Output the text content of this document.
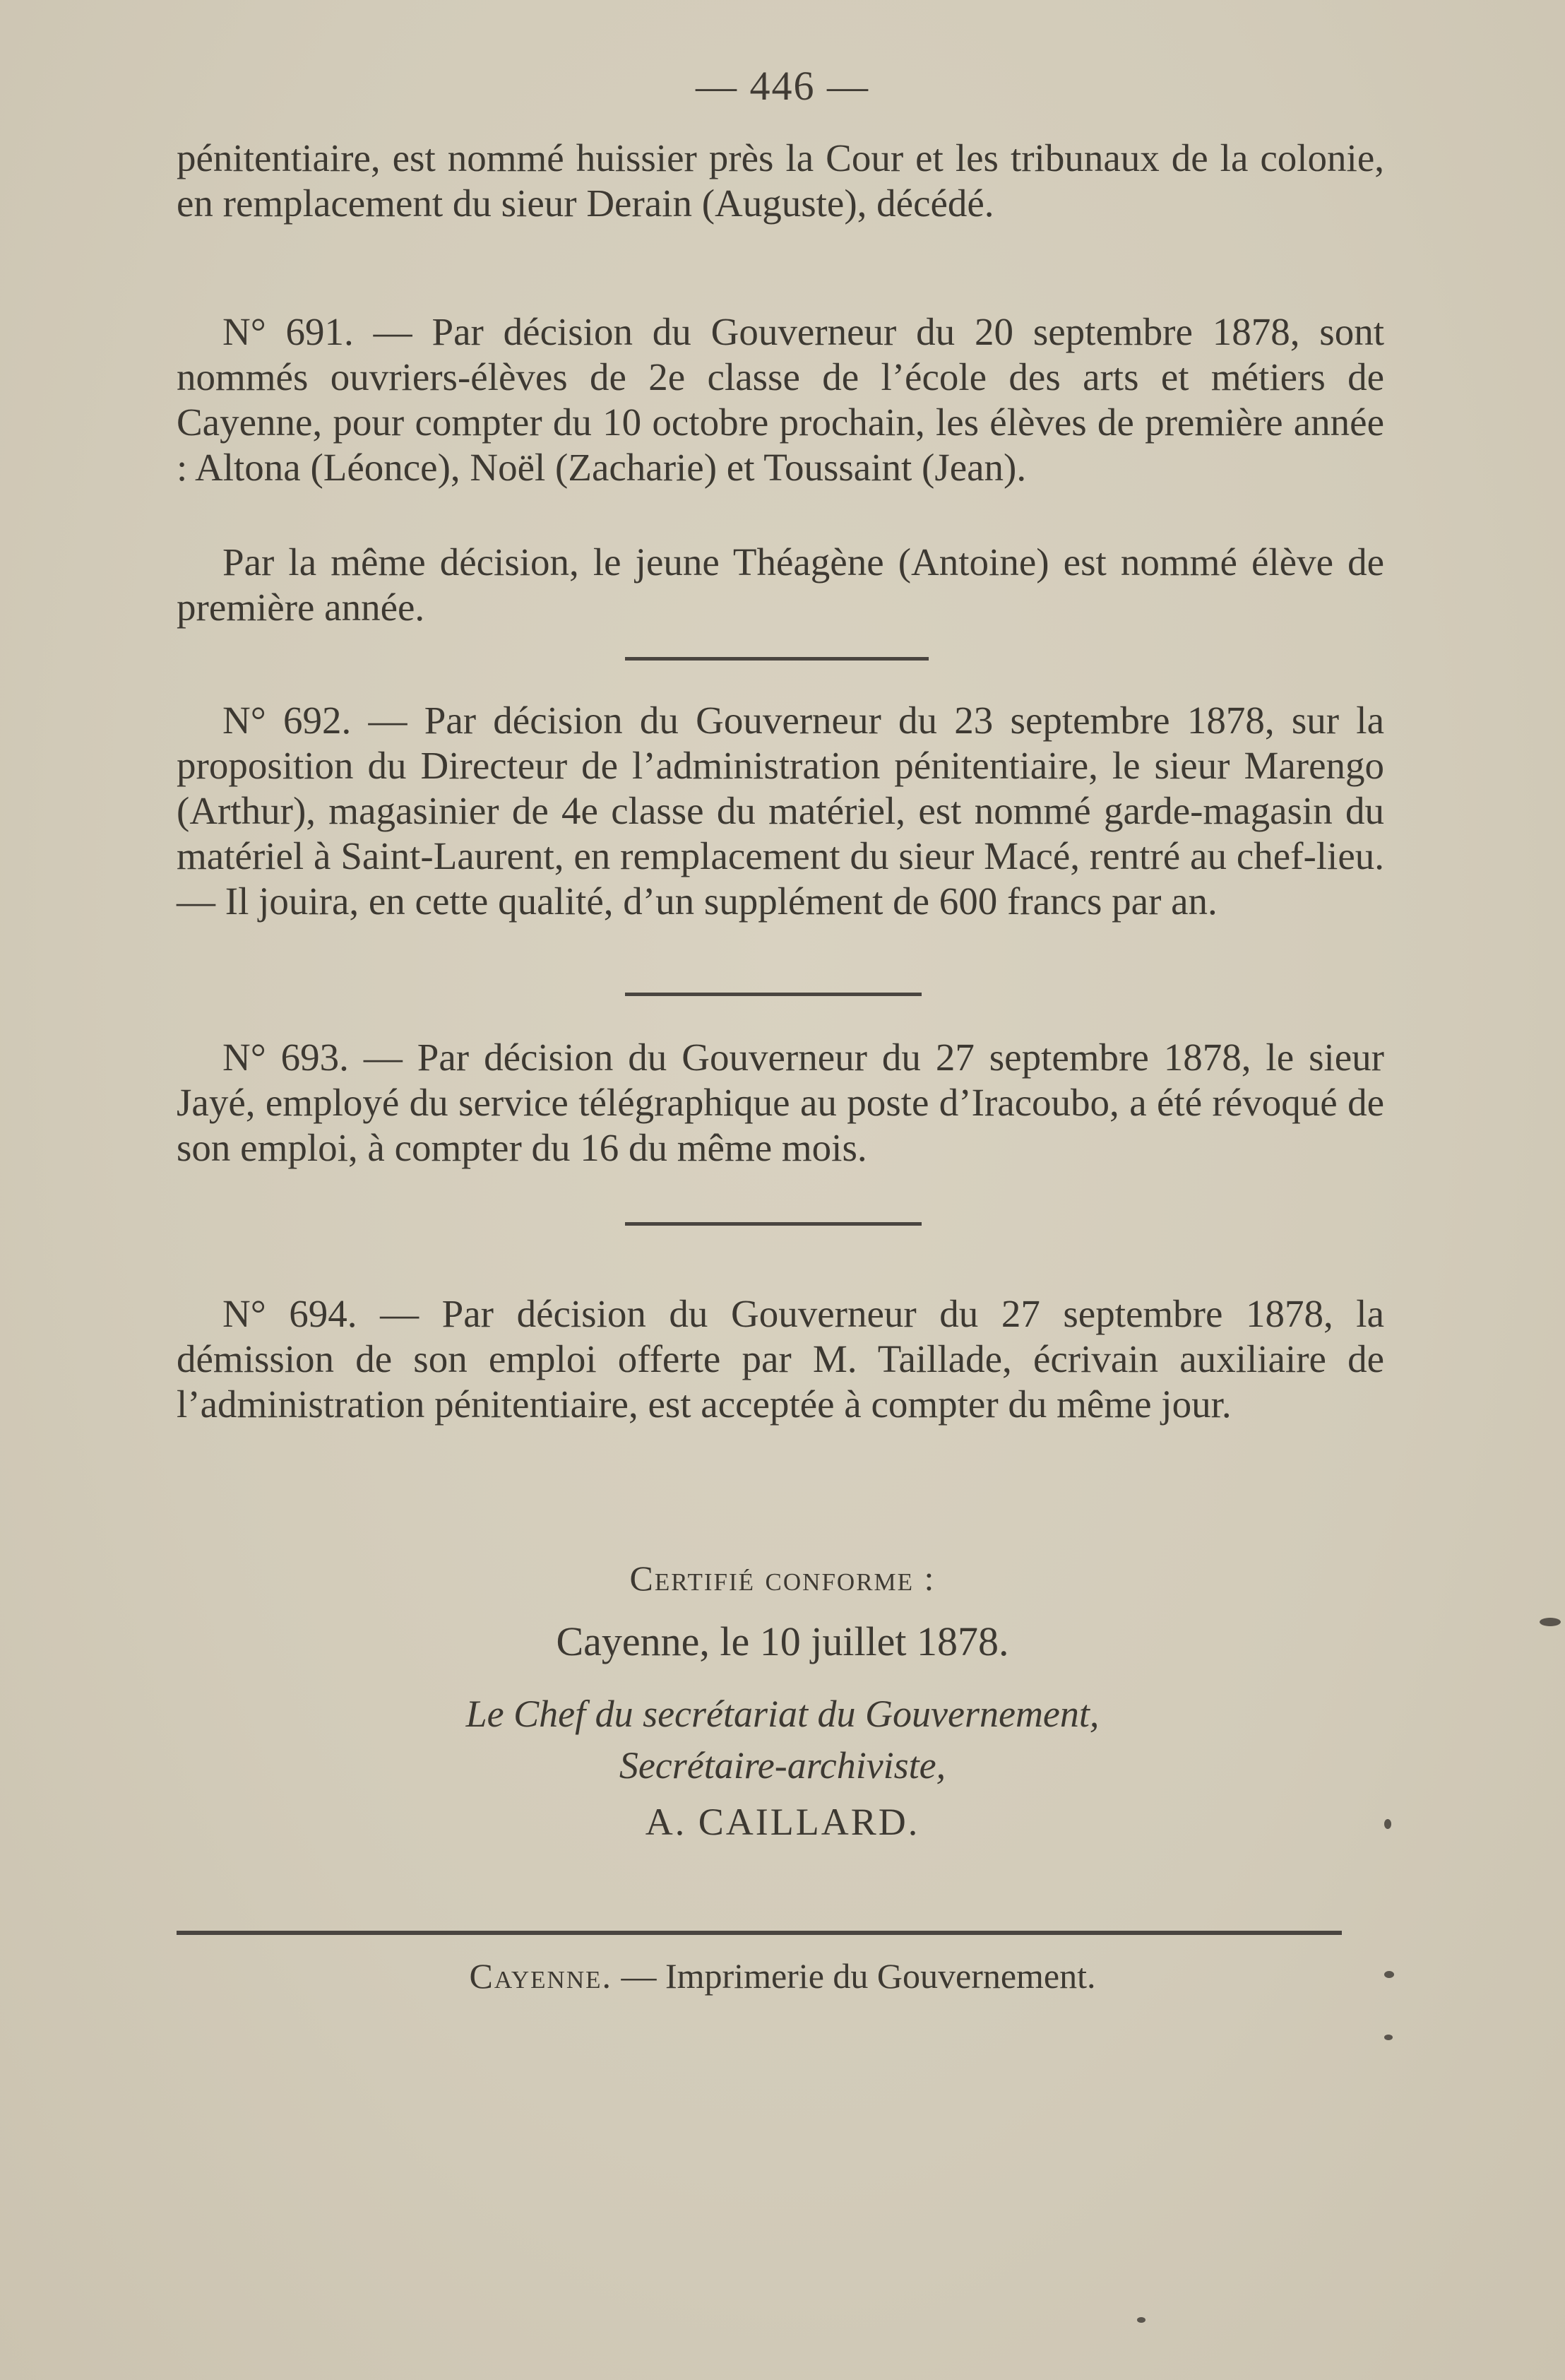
— 446 —

pénitentiaire, est nommé huissier près la Cour et les tribunaux de la colonie, en remplacement du sieur Derain (Auguste), décédé.

N° 691. — Par décision du Gouverneur du 20 septembre 1878, sont nommés ouvriers-élèves de 2e classe de l’école des arts et métiers de Cayenne, pour compter du 10 octobre prochain, les élèves de première année : Altona (Léonce), Noël (Zacharie) et Toussaint (Jean).

Par la même décision, le jeune Théagène (Antoine) est nommé élève de première année.

N° 692. — Par décision du Gouverneur du 23 septembre 1878, sur la proposition du Directeur de l’administration pénitentiaire, le sieur Marengo (Arthur), magasinier de 4e classe du matériel, est nommé garde-magasin du matériel à Saint-Laurent, en remplacement du sieur Macé, rentré au chef-lieu. — Il jouira, en cette qualité, d’un supplément de 600 francs par an.

N° 693. — Par décision du Gouverneur du 27 septembre 1878, le sieur Jayé, employé du service télégraphique au poste d’Iracoubo, a été révoqué de son emploi, à compter du 16 du même mois.

N° 694. — Par décision du Gouverneur du 27 septembre 1878, la démission de son emploi offerte par M. Taillade, écrivain auxiliaire de l’administration pénitentiaire, est acceptée à compter du même jour.

Certifié conforme :
Cayenne, le 10 juillet 1878.
Le Chef du secrétariat du Gouvernement,
Secrétaire-archiviste,
A. CAILLARD.
Cayenne. — Imprimerie du Gouvernement.
